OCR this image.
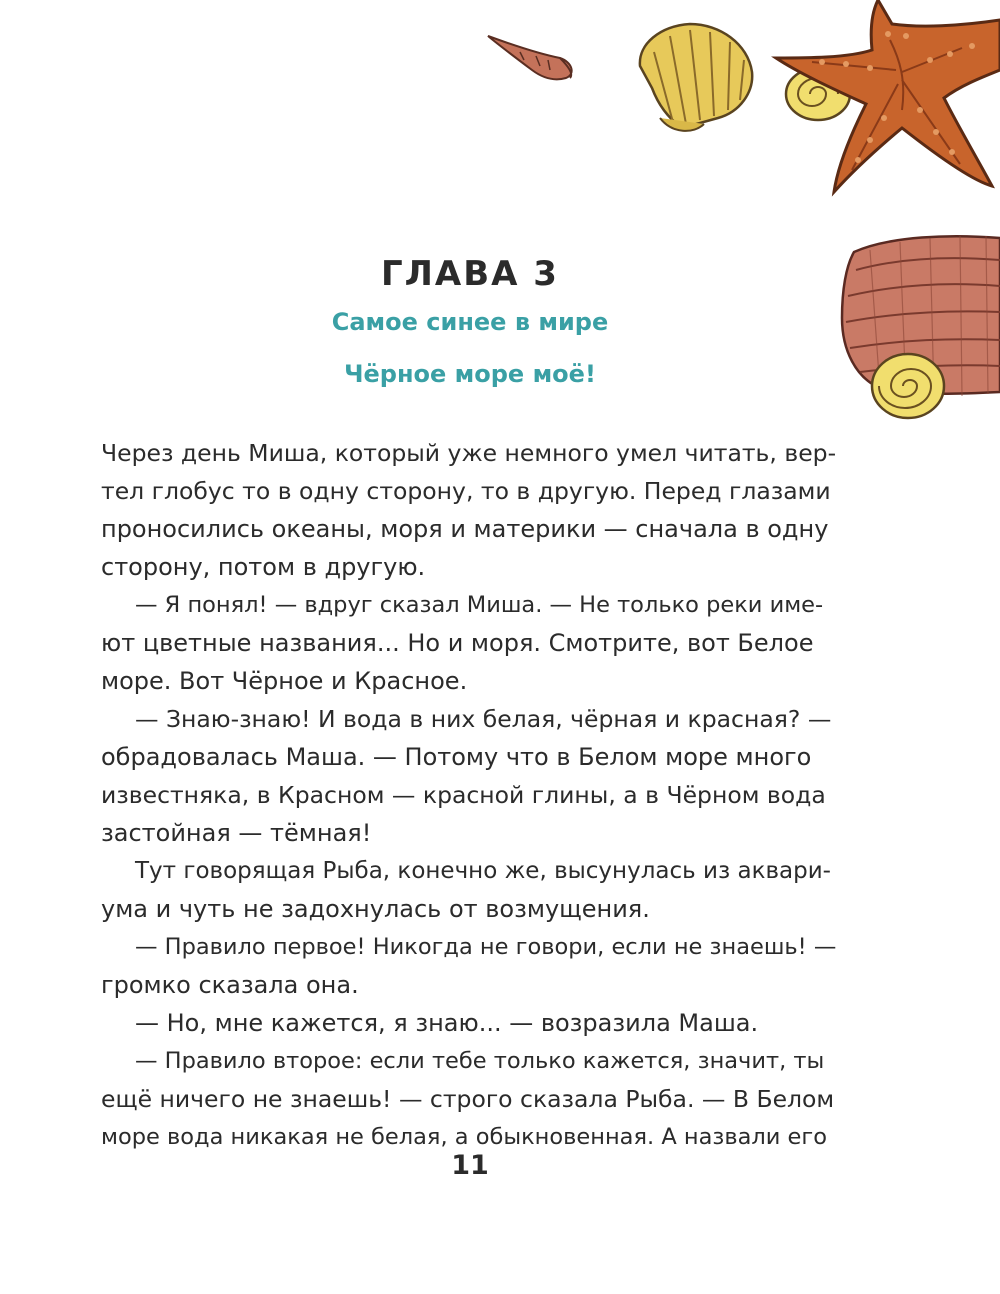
ГЛАВА 3
Самое синее в мире
Чёрное море моё!

Через день Миша, который уже немного умел читать, вер-

тел глобус то в одну сторону, то в другую. Перед глазами

проносились океаны, моря и материки — сначала в одну

сторону, потом в другую.

— Я понял! — вдруг сказал Миша. — Не только реки име-

ют цветные названия... Но и моря. Смотрите, вот Белое

море. Вот Чёрное и Красное.

— Знаю-знаю! И вода в них белая, чёрная и красная? —

обрадовалась Маша. — Потому что в Белом море много

известняка, в Красном — красной глины, а в Чёрном вода

застойная — тёмная!

Тут говорящая Рыба, конечно же, высунулась из аквари-

ума и чуть не задохнулась от возмущения.

— Правило первое! Никогда не говори, если не знаешь! —

громко сказала она.

— Но, мне кажется, я знаю... — возразила Маша.

— Правило второе: если тебе только кажется, значит, ты

ещё ничего не знаешь! — строго сказала Рыба. — В Белом

море вода никакая не белая, а обыкновенная. А назвали его

11
